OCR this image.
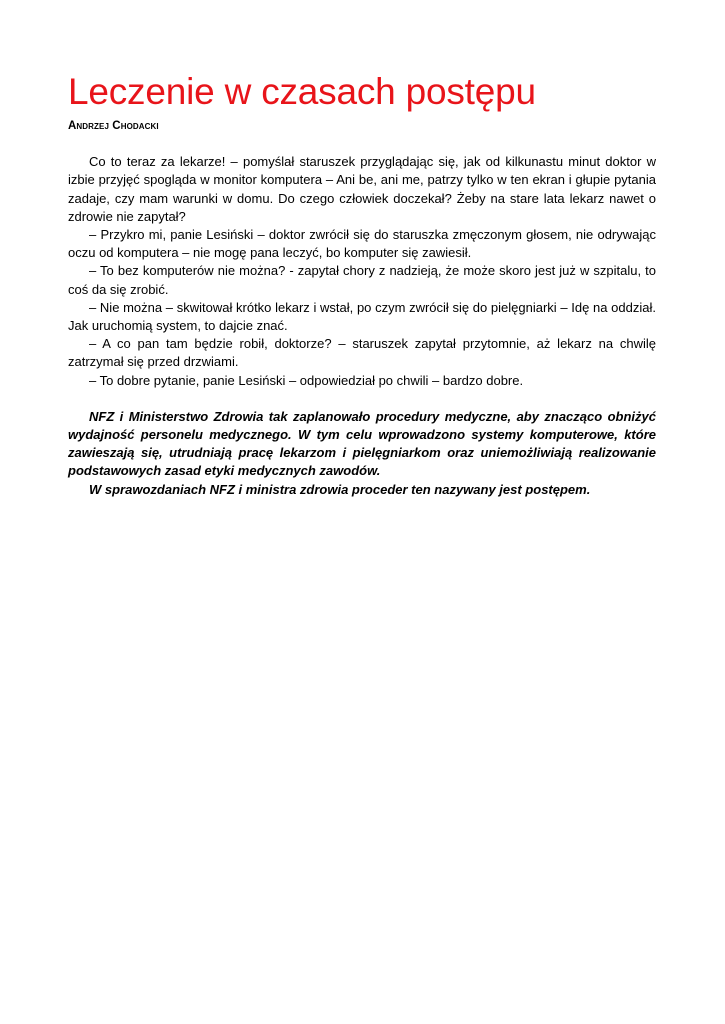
Leczenie w czasach postępu
Andrzej Chodacki

Co to teraz za lekarze! – pomyślał staruszek przyglądając się, jak od kilkunastu minut doktor w izbie przyjęć spogląda w monitor komputera – Ani be, ani me, patrzy tylko w ten ekran i głupie pytania zadaje, czy mam warunki w domu. Do czego człowiek doczekał? Żeby na stare lata lekarz nawet o zdrowie nie zapytał?

– Przykro mi, panie Lesiński – doktor zwrócił się do staruszka zmęczonym głosem, nie odrywając oczu od komputera – nie mogę pana leczyć, bo komputer się zawiesił.

– To bez komputerów nie można? - zapytał chory z nadzieją, że może skoro jest już w szpitalu, to coś da się zrobić.

– Nie można – skwitował krótko lekarz i wstał, po czym zwrócił się do pielęgniarki – Idę na oddział. Jak uruchomią system, to dajcie znać.

– A co pan tam będzie robił, doktorze? – staruszek zapytał przytomnie, aż lekarz na chwilę zatrzymał się przed drzwiami.

– To dobre pytanie, panie Lesiński – odpowiedział po chwili – bardzo dobre.

NFZ i Ministerstwo Zdrowia tak zaplanowało procedury medyczne, aby znacząco obniżyć wydajność personelu medycznego. W tym celu wprowadzono systemy komputerowe, które zawieszają się, utrudniają pracę lekarzom i pielęgniarkom oraz uniemożliwiają realizowanie podstawowych zasad etyki medycznych zawodów.

W sprawozdaniach NFZ i ministra zdrowia proceder ten nazywany jest postępem.
